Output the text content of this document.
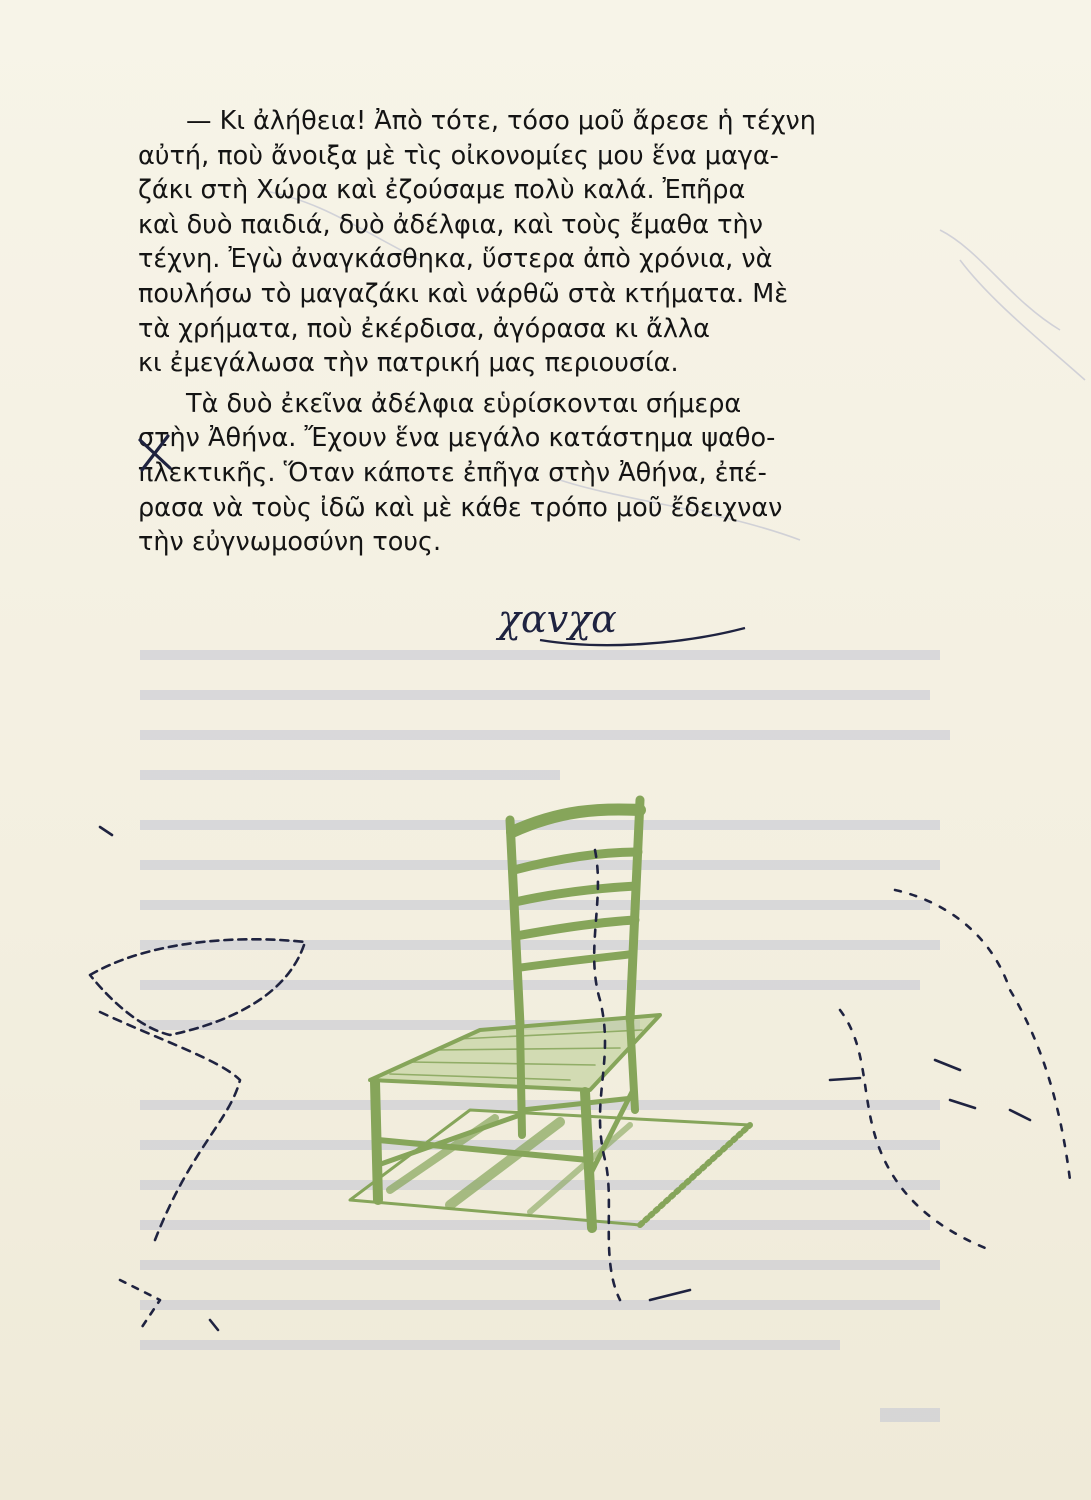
— Κι ἀλήθεια! Ἀπὸ τότε, τόσο μοῦ ἄρεσε ἡ τέχνη
αὐτή, ποὺ ἄνοιξα μὲ τὶς οἰκονομίες μου ἕνα μαγα-
ζάκι στὴ Χώρα καὶ ἐζούσαμε πολὺ καλά. Ἐπῆρα
καὶ δυὸ παιδιά, δυὸ ἀδέλφια, καὶ τοὺς ἔμαθα τὴν
τέχνη. Ἐγὼ ἀναγκάσθηκα, ὕστερα ἀπὸ χρόνια, νὰ
πουλήσω τὸ μαγαζάκι καὶ νάρθῶ στὰ κτήματα. Μὲ
τὰ χρήματα, ποὺ ἐκέρδισα, ἀγόρασα κι ἄλλα
κι ἐμεγάλωσα τὴν πατρική μας περιουσία.

Τὰ δυὸ ἐκεῖνα ἀδέλφια εὑρίσκονται σήμερα
στὴν Ἀθήνα. Ἔχουν ἕνα μεγάλο κατάστημα ψαθο-
πλεκτικῆς. Ὅταν κάποτε ἐπῆγα στὴν Ἀθήνα, ἐπέ-
ρασα νὰ τοὺς ἰδῶ καὶ μὲ κάθε τρόπο μοῦ ἔδειχναν
τὴν εὐγνωμοσύνη τους.

χαvχα
